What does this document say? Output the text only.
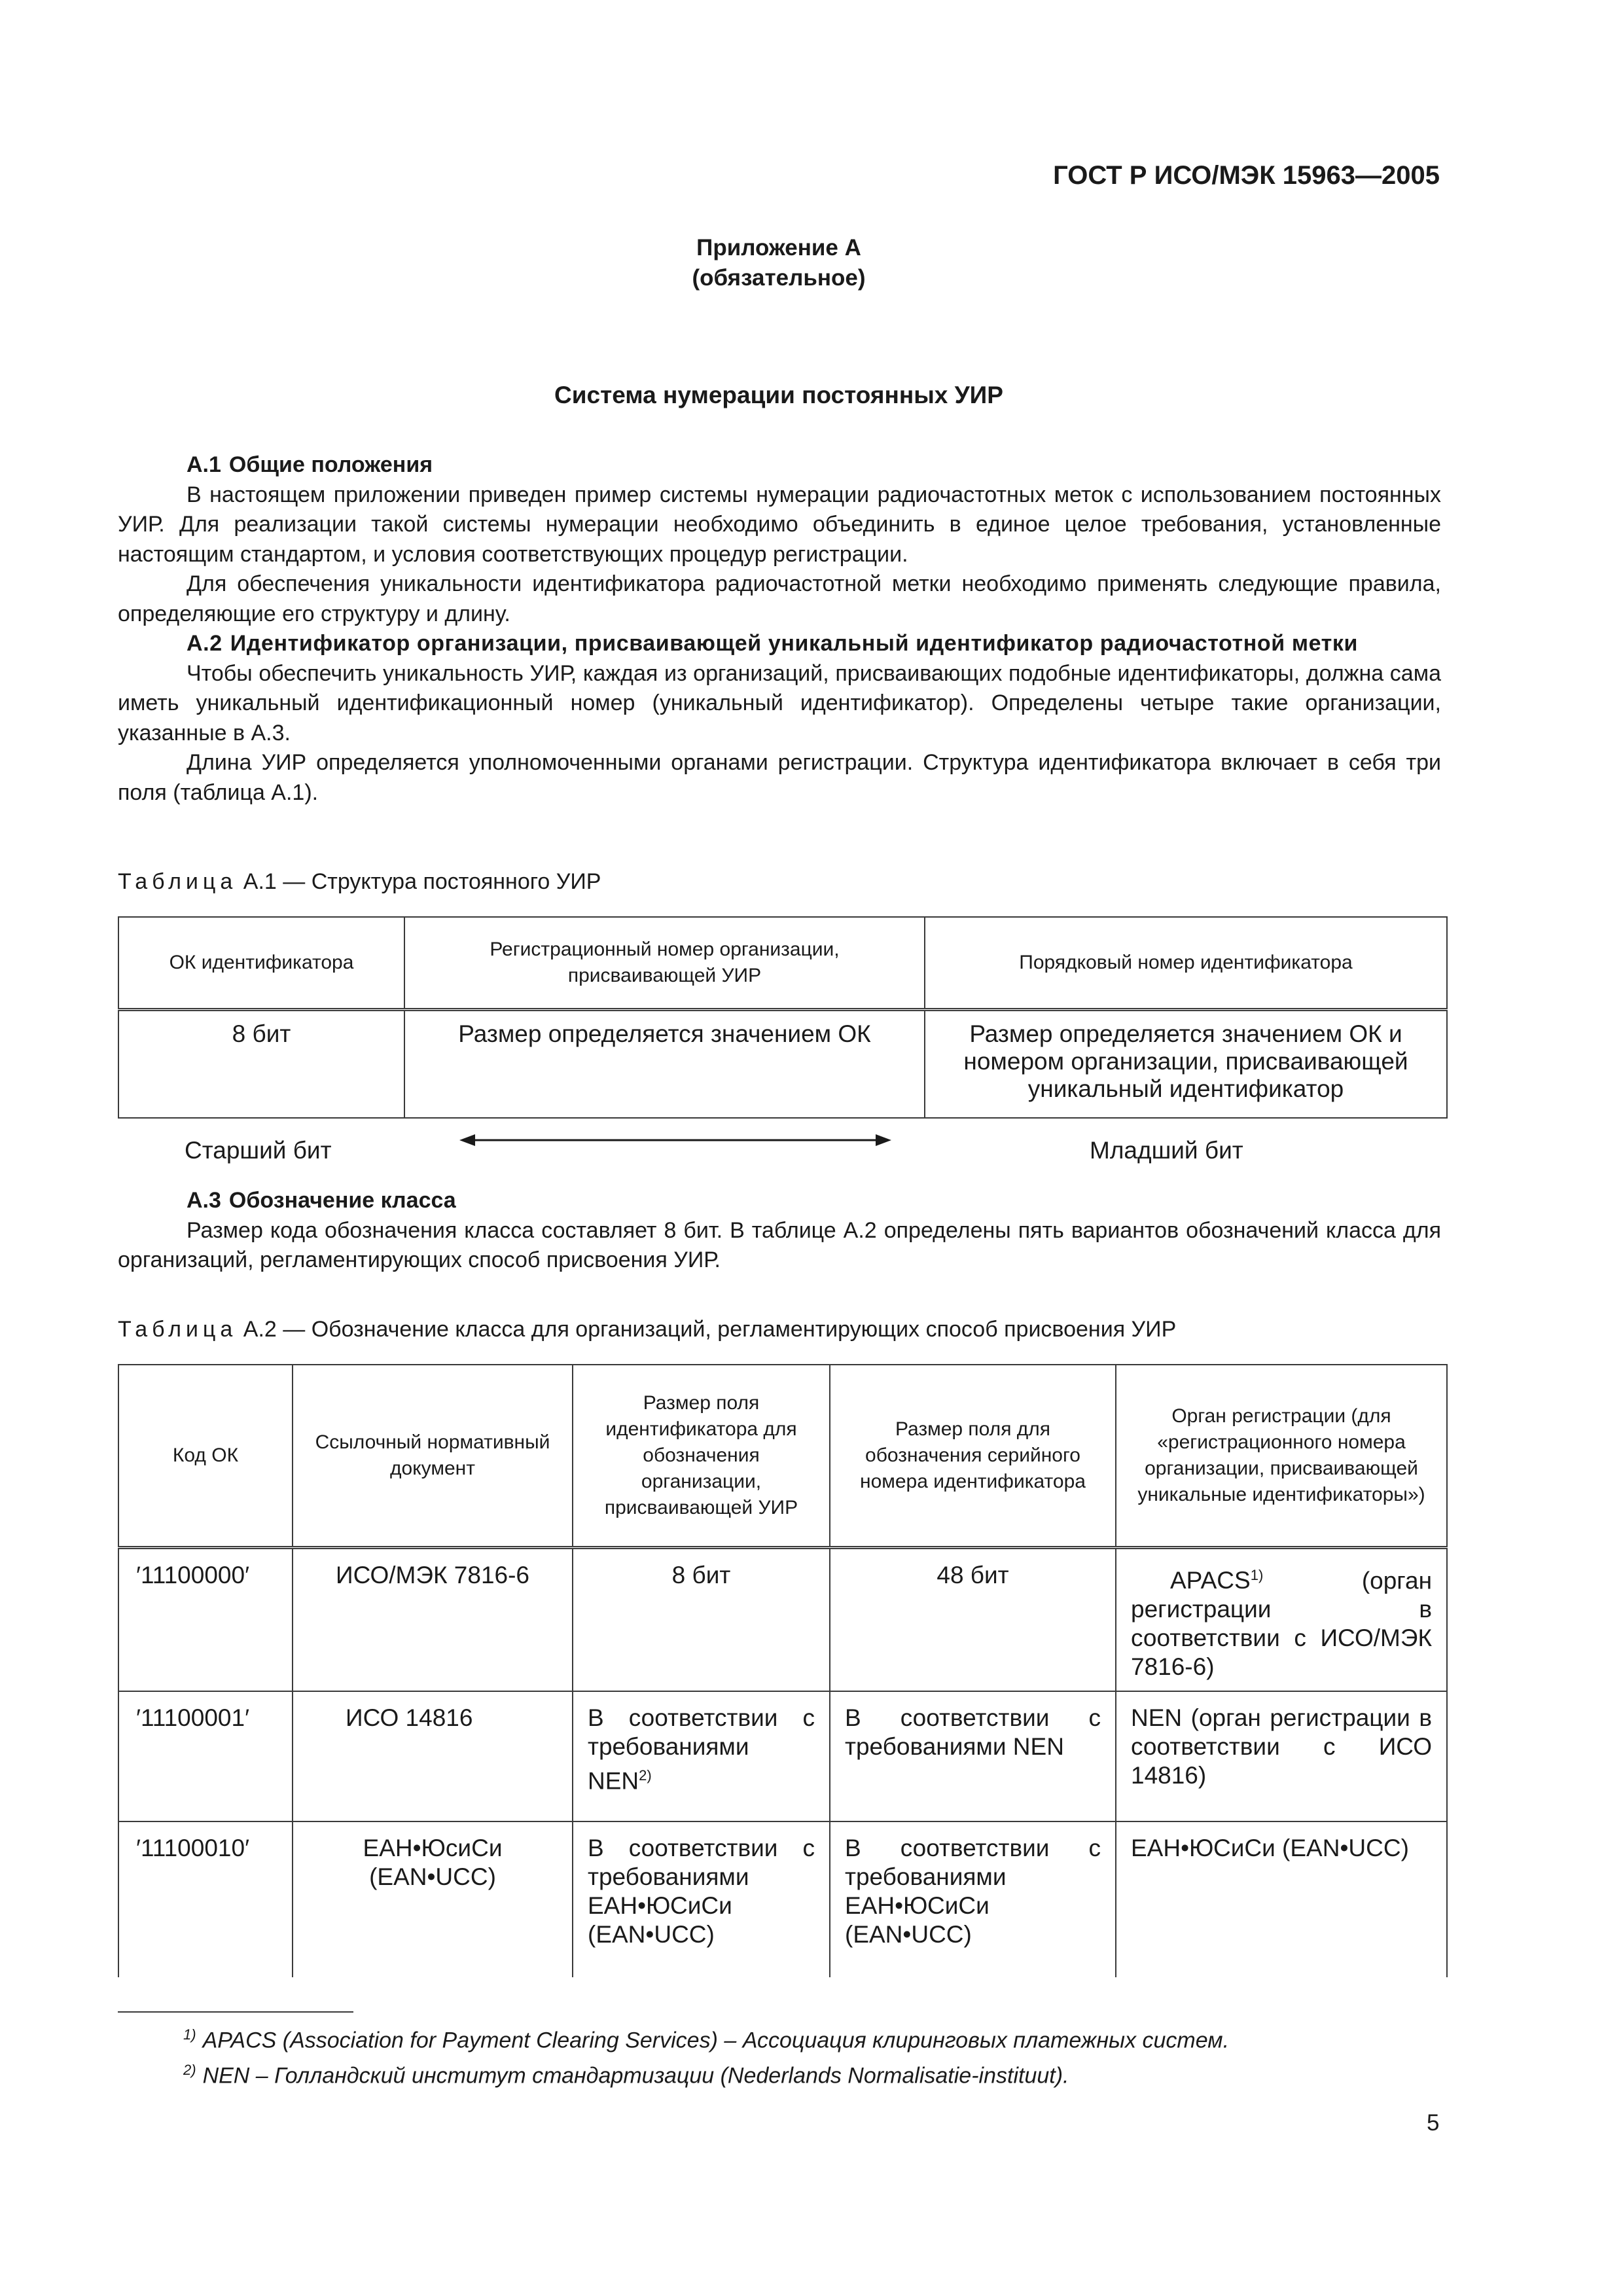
ГОСТ Р ИСО/МЭК 15963—2005
Приложение А
(обязательное)
Система нумерации постоянных УИР

А.1 Общие положения

В настоящем приложении приведен пример системы нумерации радиочастотных меток с использованием постоянных УИР. Для реализации такой системы нумерации необходимо объединить в единое целое требования, установленные настоящим стандартом, и условия соответствующих процедур регистрации.

Для обеспечения уникальности идентификатора радиочастотной метки необходимо применять следующие правила, определяющие его структуру и длину.

А.2 Идентификатор организации, присваивающей уникальный идентификатор радиочастотной метки

Чтобы обеспечить уникальность УИР, каждая из организаций, присваивающих подобные идентификаторы, должна сама иметь уникальный идентификационный номер (уникальный идентификатор). Определены четыре такие организации, указанные в А.3.

Длина УИР определяется уполномоченными органами регистрации. Структура идентификатора включает в себя три поля (таблица А.1).

Таблица А.1 — Структура постоянного УИР
ОК идентификатора	Регистрационный номер организации, присваивающей УИР	Порядковый номер идентификатора
8 бит	Размер определяется значением ОК	Размер определяется значением ОК и номером организации, присваивающей уникальный идентификатор
Старший бит	Младший бит

А.3 Обозначение класса

Размер кода обозначения класса составляет 8 бит. В таблице А.2 определены пять вариантов обозначений класса для организаций, регламентирующих способ присвоения УИР.

Таблица А.2 — Обозначение класса для организаций, регламентирующих способ присвоения УИР
Код ОК	Ссылочный нормативный документ	Размер поля идентификатора для обозначения организации, присваивающей УИР	Размер поля для обозначения серийного номера идентификатора	Орган регистрации (для «регистрационного номера организации, присваивающей уникальные идентификаторы»)
′11100000′	ИСО/МЭК 7816-6	8 бит	48 бит	APACS$^{1)}$ (орган регистрации в соответствии с ИСО/МЭК 7816-6)
′11100001′	ИСО 14816	В соответствии с требованиями NEN$^{2)}$	В соответствии с требованиями NEN	NEN (орган регистрации в соответствии с ИСО 14816)
′11100010′	ЕАН•ЮсиСи (EAN•UCC)	В соответствии с требованиями ЕАН•ЮСиСи (EAN•UCC)	В соответствии с требованиями ЕАН•ЮСиСи (EAN•UCC)	ЕАН•ЮСиСи (EAN•UCC)
$^{1)}$ APACS (Association for Payment Clearing Services) – Ассоциация клиринговых платежных систем.
$^{2)}$ NEN – Голландский институт стандартизации (Nederlands Normalisatie-instituut).
5
